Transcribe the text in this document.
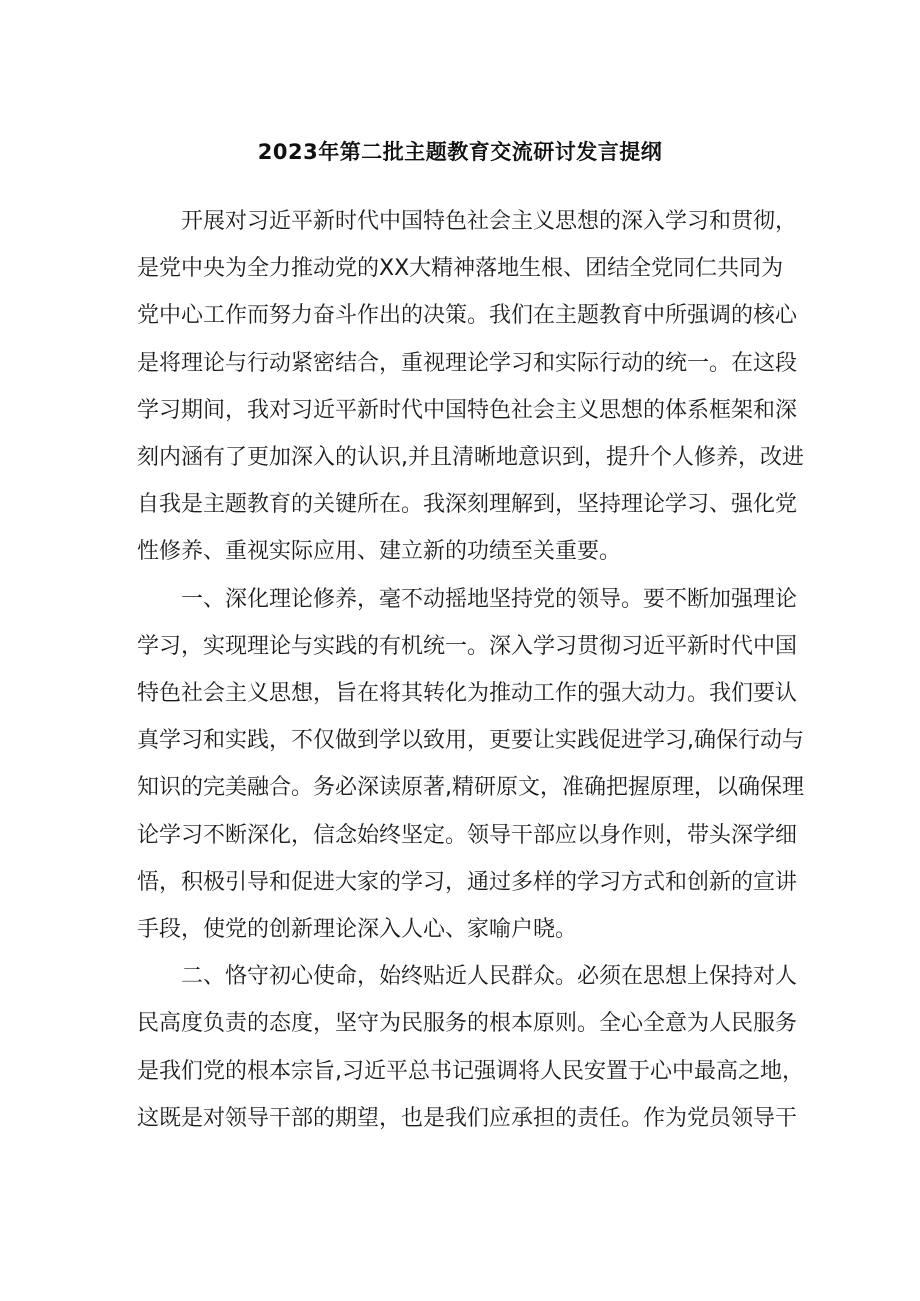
2023年第二批主题教育交流研讨发言提纲

开展对习近平新时代中国特色社会主义思想的深入学习和贯彻，
是党中央为全力推动党的XX大精神落地生根、团结全党同仁共同为
党中心工作而努力奋斗作出的决策。我们在主题教育中所强调的核心
是将理论与行动紧密结合，重视理论学习和实际行动的统一。在这段
学习期间，我对习近平新时代中国特色社会主义思想的体系框架和深
刻内涵有了更加深入的认识,并且清晰地意识到，提升个人修养，改进
自我是主题教育的关键所在。我深刻理解到，坚持理论学习、强化党
性修养、重视实际应用、建立新的功绩至关重要。

一、深化理论修养，毫不动摇地坚持党的领导。要不断加强理论
学习，实现理论与实践的有机统一。深入学习贯彻习近平新时代中国
特色社会主义思想，旨在将其转化为推动工作的强大动力。我们要认
真学习和实践，不仅做到学以致用，更要让实践促进学习,确保行动与
知识的完美融合。务必深读原著,精研原文，准确把握原理，以确保理
论学习不断深化，信念始终坚定。领导干部应以身作则，带头深学细
悟，积极引导和促进大家的学习，通过多样的学习方式和创新的宣讲
手段，使党的创新理论深入人心、家喻户晓。

二、恪守初心使命，始终贴近人民群众。必须在思想上保持对人
民高度负责的态度，坚守为民服务的根本原则。全心全意为人民服务
是我们党的根本宗旨,习近平总书记强调将人民安置于心中最高之地，
这既是对领导干部的期望，也是我们应承担的责任。作为党员领导干
